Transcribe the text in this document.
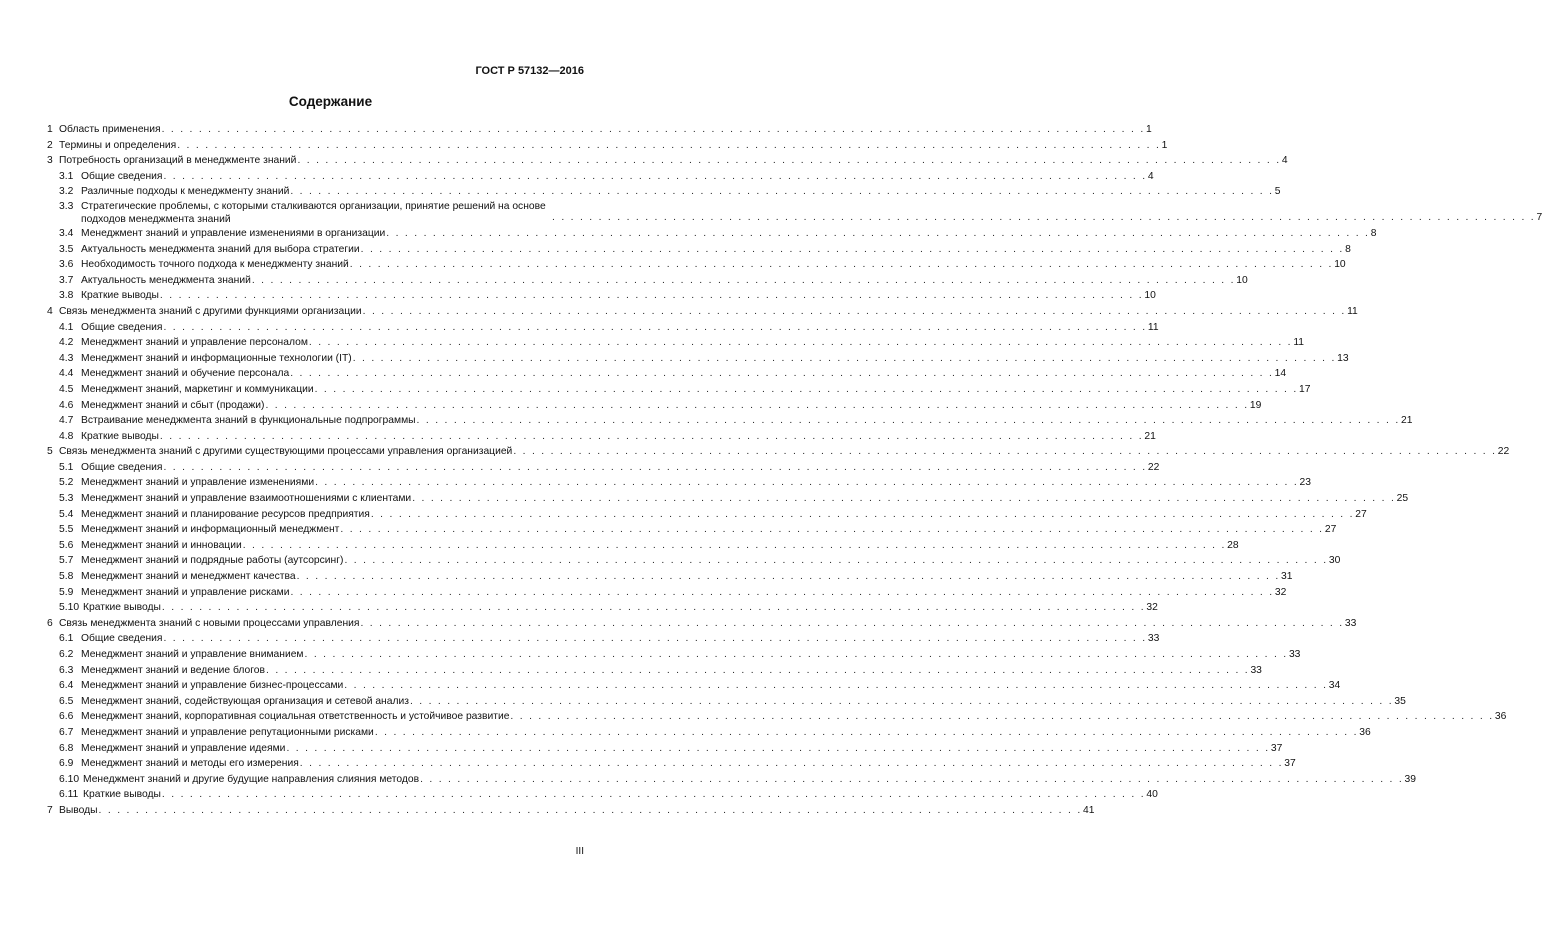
ГОСТ Р 57132—2016
Содержание
1 Область применения . . .	1
2 Термины и определения . . .	1
3 Потребность организаций в менеджменте знаний . . .	4
3.1 Общие сведения . . .	4
3.2 Различные подходы к менеджменту знаний . . .	5
3.3 Стратегические проблемы, с которыми сталкиваются организации, принятие решений на основе подходов менеджмента знаний . . .	7
3.4 Менеджмент знаний и управление изменениями в организации . . .	8
3.5 Актуальность менеджмента знаний для выбора стратегии . . .	8
3.6 Необходимость точного подхода к менеджменту знаний . . .	10
3.7 Актуальность менеджмента знаний . . .	10
3.8 Краткие выводы . . .	10
4 Связь менеджмента знаний с другими функциями организации . . .	11
4.1 Общие сведения . . .	11
4.2 Менеджмент знаний и управление персоналом . . .	11
4.3 Менеджмент знаний и информационные технологии (IT) . . .	13
4.4 Менеджмент знаний и обучение персонала . . .	14
4.5 Менеджмент знаний, маркетинг и коммуникации . . .	17
4.6 Менеджмент знаний и сбыт (продажи) . . .	19
4.7 Встраивание менеджмента знаний в функциональные подпрограммы . . .	21
4.8 Краткие выводы . . .	21
5 Связь менеджмента знаний с другими существующими процессами управления организацией . . .	22
5.1 Общие сведения . . .	22
5.2 Менеджмент знаний и управление изменениями . . .	23
5.3 Менеджмент знаний и управление взаимоотношениями с клиентами . . .	25
5.4 Менеджмент знаний и планирование ресурсов предприятия . . .	27
5.5 Менеджмент знаний и информационный менеджмент . . .	27
5.6 Менеджмент знаний и инновации . . .	28
5.7 Менеджмент знаний и подрядные работы (аутсорсинг) . . .	30
5.8 Менеджмент знаний и менеджмент качества . . .	31
5.9 Менеджмент знаний и управление рисками . . .	32
5.10 Краткие выводы . . .	32
6 Связь менеджмента знаний с новыми процессами управления . . .	33
6.1 Общие сведения . . .	33
6.2 Менеджмент знаний и управление вниманием . . .	33
6.3 Менеджмент знаний и ведение блогов . . .	33
6.4 Менеджмент знаний и управление бизнес-процессами . . .	34
6.5 Менеджмент знаний, содействующая организация и сетевой анализ . . .	35
6.6 Менеджмент знаний, корпоративная социальная ответственность и устойчивое развитие . . .	36
6.7 Менеджмент знаний и управление репутационными рисками . . .	36
6.8 Менеджмент знаний и управление идеями . . .	37
6.9 Менеджмент знаний и методы его измерения . . .	37
6.10 Менеджмент знаний и другие будущие направления слияния методов . . .	39
6.11 Краткие выводы . . .	40
7 Выводы . . .	41
III
